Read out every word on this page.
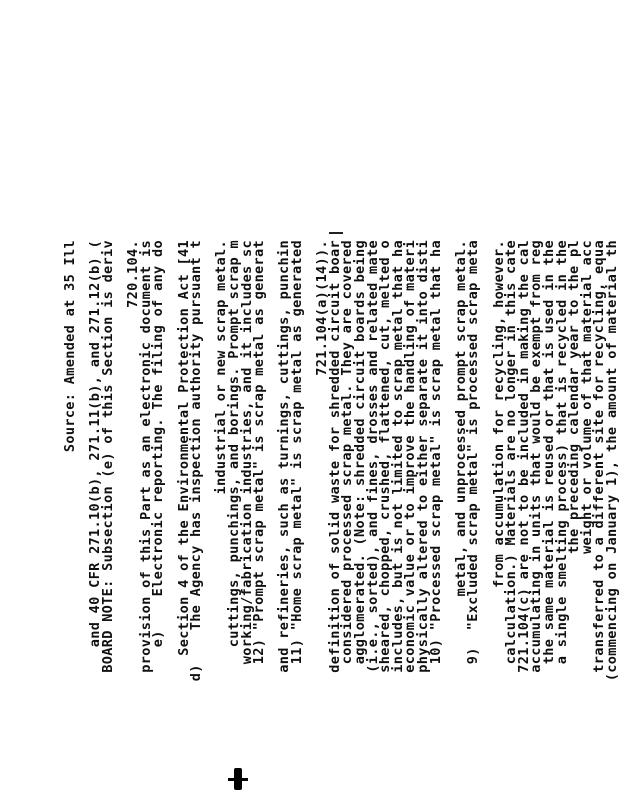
(commencing on January 1), the amount of material th
transferred to a different site for recycling, equa
weight or volume of that material acc
the preceding calendar year to the pl
a single smelting process) that is recycled in the
the same material is reused or that is used in the
accumulating in units that would be exempt from reg
721.104(c) are not to be included in making the cal
calculation.) Materials are no longer in this cate
from accumulation for recycling, however.
9)  "Excluded scrap metal" is processed scrap meta
metal, and unprocessed prompt scrap metal.
10) "Processed scrap metal" is scrap metal that ha
physically altered to either separate it into disti
economic value or to improve the handling of materi
includes, but is not limited to scrap metal that ha
sheared, chopped, crushed, flattened, cut, melted o
(i.e., sorted), and fines, drosses and related mate
agglomerated. (Note: shredded circuit boards being
considered processed scrap metal. They are covered
definition of solid waste for shredded circuit boar
721.104(a)(14)).
11) "Home scrap metal" is scrap metal as generated
and refineries, such as turnings, cuttings, punchin
12) "Prompt scrap metal" is scrap metal as generat
working/fabrication industries, and it includes sc
cuttings, punchings, and borings. Prompt scrap m
industrial or new scrap metal.
d)    The Agency has inspection authority pursuant t
Section 4 of the Environmental Protection Act [41
e)    Electronic reporting. The filing of any do
provision of this Part as an electronic document is
720.104.
BOARD NOTE: Subsection (e) of this Section is deriv
and 40 CFR 271.10(b), 271.11(b), and 271.12(b) (
Source: Amended at 35 Ill
